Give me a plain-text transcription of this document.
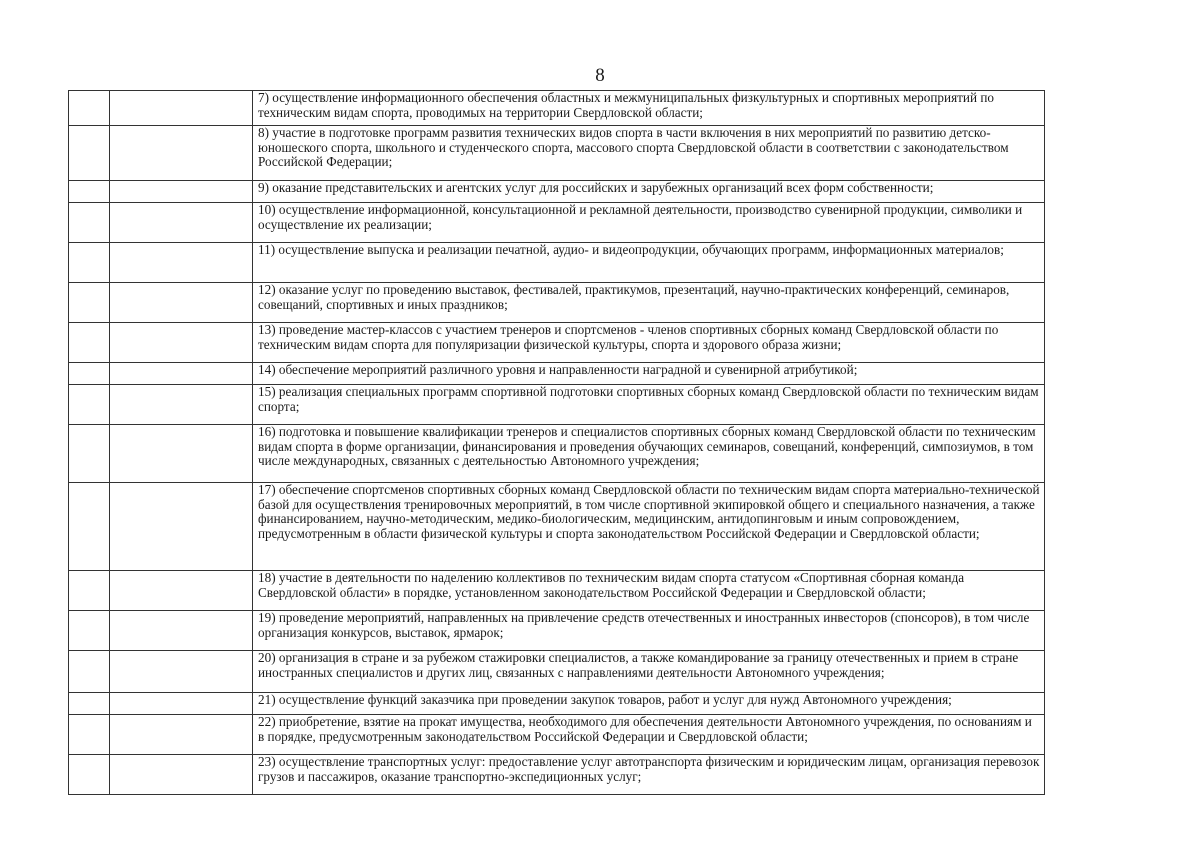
8
		7) осуществление информационного обеспечения областных и межмуниципальных физкультурных и спортивных мероприятий по техническим видам спорта, проводимых на территории Свердловской области;
		8) участие в подготовке программ развития технических видов спорта в части включения в них мероприятий по развитию детско-юношеского спорта, школьного и студенческого спорта, массового спорта Свердловской области в соответствии с законодательством Российской Федерации;
		9) оказание представительских и агентских услуг для российских и зарубежных организаций всех форм собственности;
		10) осуществление информационной, консультационной и рекламной деятельности, производство сувенирной продукции, символики и осуществление их реализации;
		11) осуществление выпуска и реализации печатной, аудио- и видеопродукции, обучающих программ, информационных материалов;
		12) оказание услуг по проведению выставок, фестивалей, практикумов, презентаций, научно-практических конференций, семинаров, совещаний, спортивных и иных праздников;
		13) проведение мастер-классов с участием тренеров и спортсменов - членов спортивных сборных команд Свердловской области по техническим видам спорта для популяризации физической культуры, спорта и здорового образа жизни;
		14) обеспечение мероприятий различного уровня и направленности наградной и сувенирной атрибутикой;
		15) реализация специальных программ спортивной подготовки спортивных сборных команд Свердловской области по техническим видам спорта;
		16) подготовка и повышение квалификации тренеров и специалистов спортивных сборных команд Свердловской области по техническим видам спорта в форме организации, финансирования и проведения обучающих семинаров, совещаний, конференций, симпозиумов, в том числе международных, связанных с деятельностью Автономного учреждения;
		17) обеспечение спортсменов спортивных сборных команд Свердловской области по техническим видам спорта материально-технической базой для осуществления тренировочных мероприятий, в том числе спортивной экипировкой общего и специального назначения, а также финансированием, научно-методическим, медико-биологическим, медицинским, антидопинговым и иным сопровождением, предусмотренным в области физической культуры и спорта законодательством Российской Федерации и Свердловской области;
		18) участие в деятельности по наделению коллективов по техническим видам спорта статусом «Спортивная сборная команда Свердловской области» в порядке, установленном законодательством Российской Федерации и Свердловской области;
		19) проведение мероприятий, направленных на привлечение средств отечественных и иностранных инвесторов (спонсоров), в том числе организация конкурсов, выставок, ярмарок;
		20) организация в стране и за рубежом стажировки специалистов, а также командирование за границу отечественных и прием в стране иностранных специалистов и других лиц, связанных с направлениями деятельности Автономного учреждения;
		21) осуществление функций заказчика при проведении закупок товаров, работ и услуг для нужд Автономного учреждения;
		22) приобретение, взятие на прокат имущества, необходимого для обеспечения деятельности Автономного учреждения, по основаниям и в порядке, предусмотренным законодательством Российской Федерации и Свердловской области;
		23) осуществление транспортных услуг: предоставление услуг автотранспорта физическим и юридическим лицам, организация перевозок грузов и пассажиров, оказание транспортно-экспедиционных услуг;
